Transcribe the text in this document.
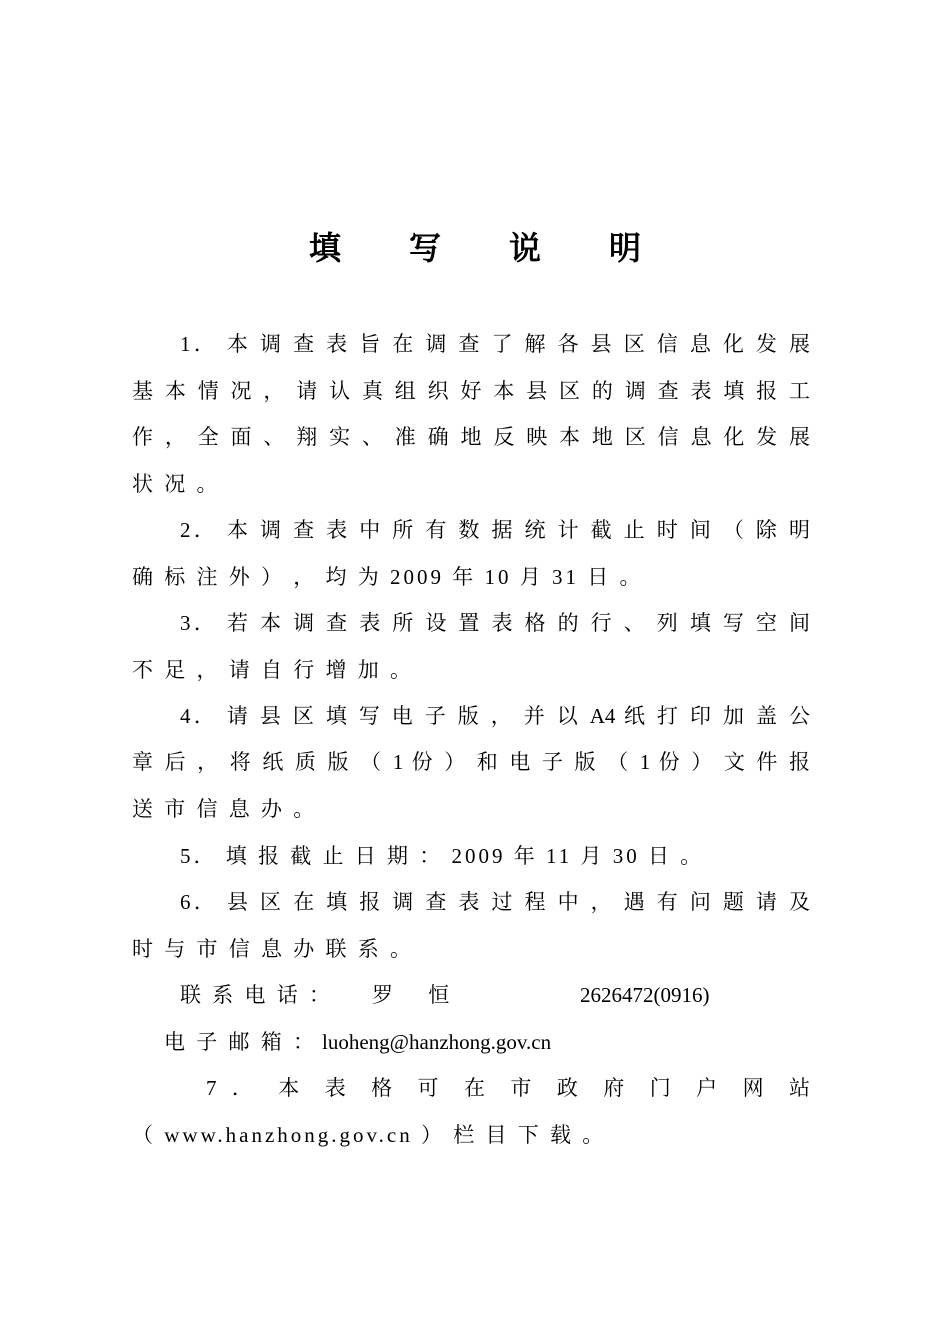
填 写 说 明
1． 本 调 查 表 旨 在 调 查 了 解 各 县 区 信 息 化 发 展
基 本 情 况 ， 请 认 真 组 织 好 本 县 区 的 调 查 表 填 报 工
作 ， 全 面 、 翔 实 、 准 确 地 反 映 本 地 区 信 息 化 发 展
状 况 。
2． 本 调 查 表 中 所 有 数 据 统 计 截 止 时 间 （ 除 明
确 标 注 外 ） ， 均 为 2009 年 10 月 31 日 。
3． 若 本 调 查 表 所 设 置 表 格 的 行 、 列 填 写 空 间
不 足 ， 请 自 行 增 加 。
4． 请 县 区 填 写 电 子 版 ， 并 以 A4 纸 打 印 加 盖 公
章 后 ， 将 纸 质 版 （ 1 份 ） 和 电 子 版 （ 1 份 ） 文 件 报
送 市 信 息 办 。
5． 填 报 截 止 日 期 ： 2009 年 11 月 30 日 。
6． 县 区 在 填 报 调 查 表 过 程 中 ， 遇 有 问 题 请 及
时 与 市 信 息 办 联 系 。
联 系 电 话 ： 罗　 恒	2626472(0916)
电 子 邮 箱 ： luoheng@hanzhong.gov.cn
7 ． 本 表 格 可 在 市 政 府 门 户 网 站
（ www.hanzhong.gov.cn ） 栏 目 下 载 。
